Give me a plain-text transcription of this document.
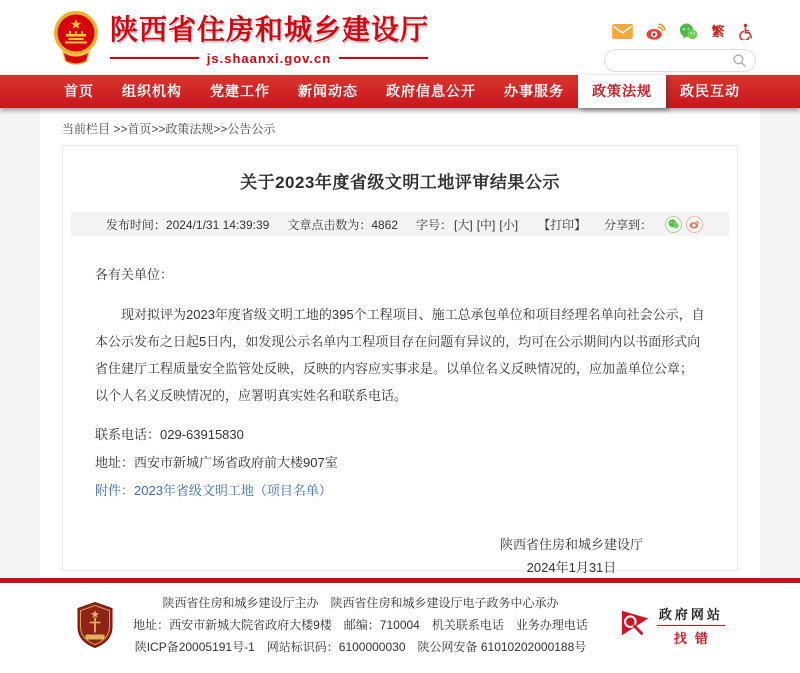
陕西省住房和城乡建设厅
js.shaanxi.gov.cn
繁
首页	组织机构	党建工作	新闻动态	政府信息公开	办事服务	政策法规	政民互动
当前栏目 >>首页>>政策法规>>公告公示
关于2023年度省级文明工地评审结果公示
发布时间：2024/1/31 14:39:39 文章点击数为：4862 字号： [大] [中] [小] 【打印】 分享到：

各有关单位：

现对拟评为2023年度省级文明工地的395个工程项目、施工总承包单位和项目经理名单向社会公示，自本公示发布之日起5日内，如发现公示名单内工程项目存在问题有异议的，均可在公示期间内以书面形式向省住建厅工程质量安全监管处反映，反映的内容应实事求是。以单位名义反映情况的，应加盖单位公章；以个人名义反映情况的，应署明真实姓名和联系电话。

联系电话：029-63915830

地址：西安市新城广场省政府前大楼907室

附件：2023年省级文明工地（项目名单）

陕西省住房和城乡建设厅
2024年1月31日
陕西省住房和城乡建设厅主办　陕西省住房和城乡建设厅电子政务中心承办
地址：西安市新城大院省政府大楼9楼　邮编：710004　机关联系电话　业务办理电话
陕ICP备20005191号-1　网站标识码：6100000030　陕公网安备 61010202000188号
政府网站
找错
